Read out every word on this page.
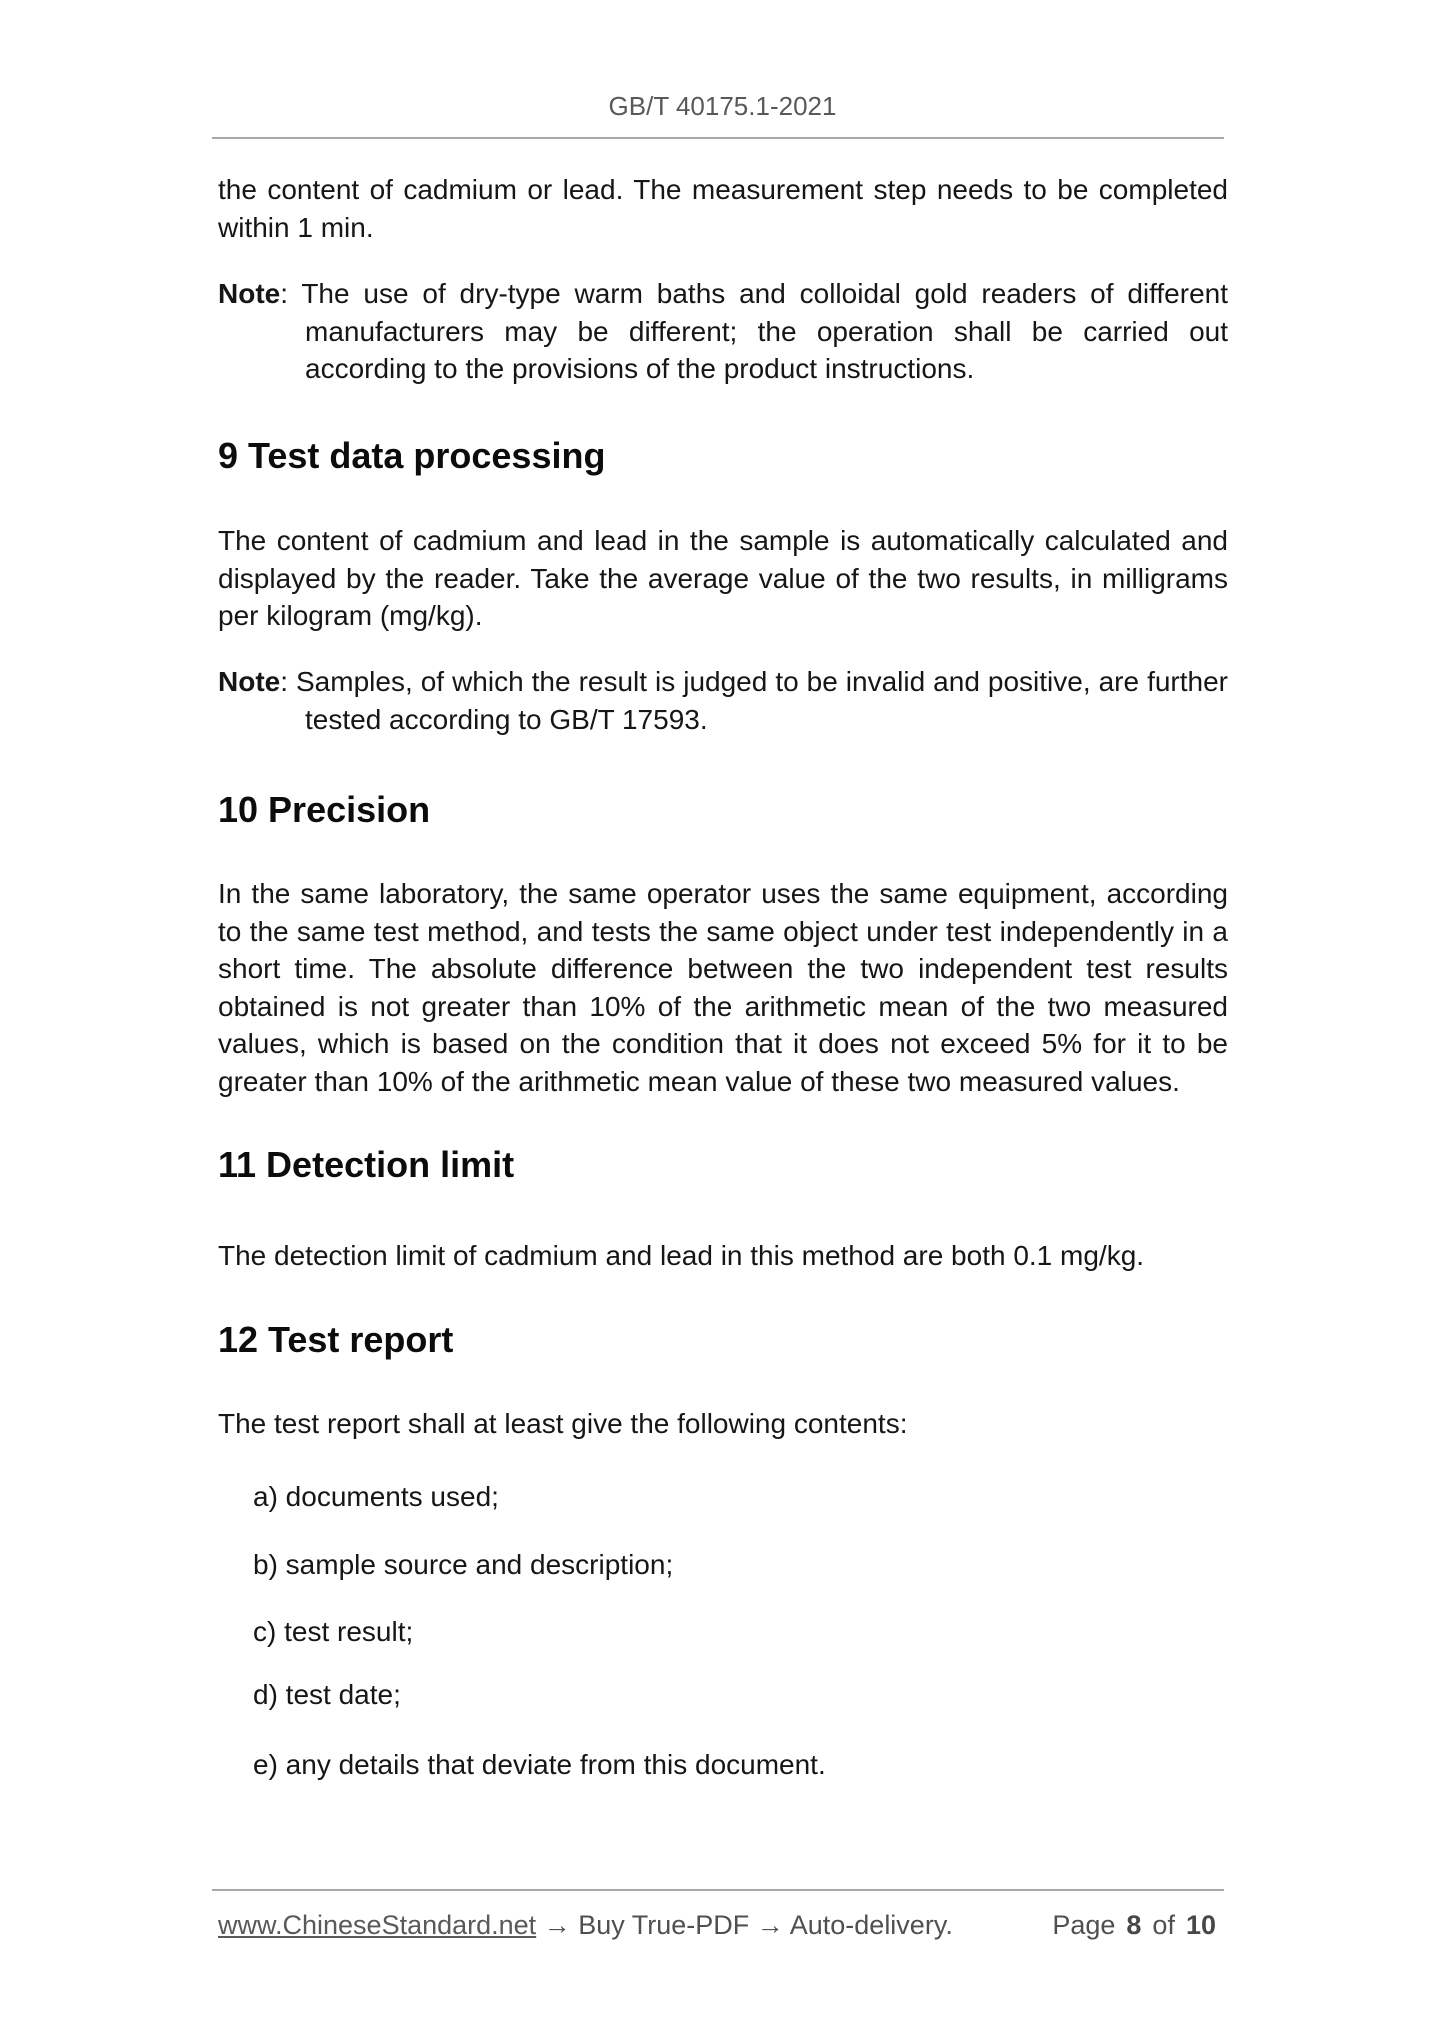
GB/T 40175.1-2021

the content of cadmium or lead. The measurement step needs to be completed within 1 min.

Note: The use of dry-type warm baths and colloidal gold readers of different manufacturers may be different; the operation shall be carried out according to the provisions of the product instructions.

9 Test data processing

The content of cadmium and lead in the sample is automatically calculated and displayed by the reader. Take the average value of the two results, in milligrams per kilogram (mg/kg).

Note: Samples, of which the result is judged to be invalid and positive, are further tested according to GB/T 17593.

10 Precision

In the same laboratory, the same operator uses the same equipment, according to the same test method, and tests the same object under test independently in a short time. The absolute difference between the two independent test results obtained is not greater than 10% of the arithmetic mean of the two measured values, which is based on the condition that it does not exceed 5% for it to be greater than 10% of the arithmetic mean value of these two measured values.

11 Detection limit

The detection limit of cadmium and lead in this method are both 0.1 mg/kg.

12 Test report

The test report shall at least give the following contents:

a) documents used;

b) sample source and description;

c) test result;

d) test date;

e) any details that deviate from this document.

www.ChineseStandard.net → Buy True-PDF → Auto-delivery.	Page 8 of 10
